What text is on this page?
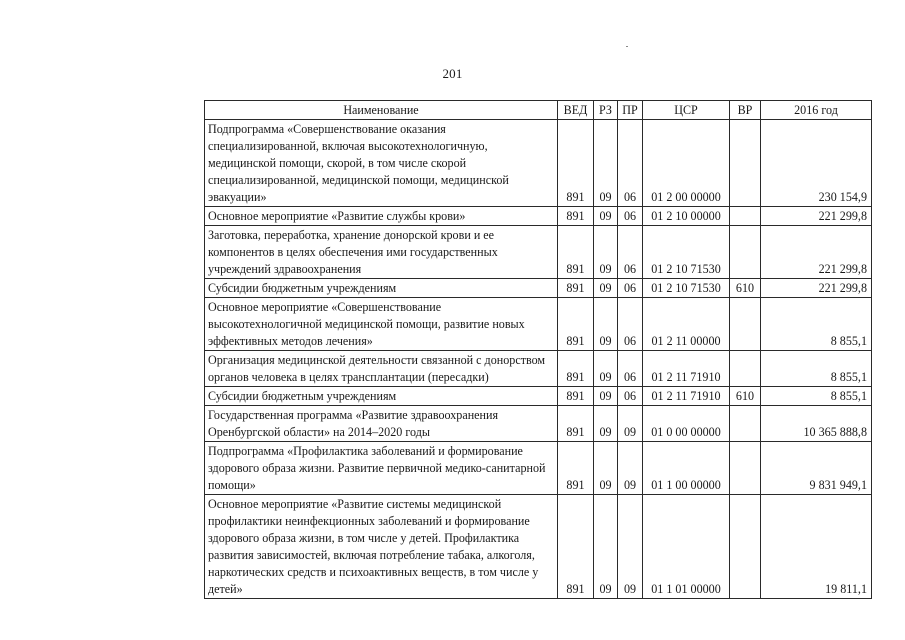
201
Наименование	ВЕД	РЗ	ПР	ЦСР	ВР	2016 год
Подпрограмма «Совершенствование оказания специализированной, включая высокотехнологичную, медицинской помощи, скорой, в том числе скорой специализированной, медицинской помощи, медицинской эвакуации»	891	09	06	01 2 00 00000		230 154,9
Основное мероприятие «Развитие службы крови»	891	09	06	01 2 10 00000		221 299,8
Заготовка, переработка, хранение донорской крови и ее компонентов в целях обеспечения ими государственных учреждений здравоохранения	891	09	06	01 2 10 71530		221 299,8
Субсидии бюджетным учреждениям	891	09	06	01 2 10 71530	610	221 299,8
Основное мероприятие «Совершенствование высокотехнологичной медицинской помощи, развитие новых эффективных методов лечения»	891	09	06	01 2 11 00000		8 855,1
Организация медицинской деятельности связанной с донорством органов человека в целях трансплантации (пересадки)	891	09	06	01 2 11 71910		8 855,1
Субсидии бюджетным учреждениям	891	09	06	01 2 11 71910	610	8 855,1
Государственная программа «Развитие здравоохранения Оренбургской области» на 2014–2020 годы	891	09	09	01 0 00 00000		10 365 888,8
Подпрограмма «Профилактика заболеваний и формирование здорового образа жизни. Развитие первичной медико-санитарной помощи»	891	09	09	01 1 00 00000		9 831 949,1
Основное мероприятие «Развитие системы медицинской профилактики неинфекционных заболеваний и формирование здорового образа жизни, в том числе у детей. Профилактика развития зависимостей, включая потребление табака, алкоголя, наркотических средств и психоактивных веществ, в том числе у детей»	891	09	09	01 1 01 00000		19 811,1
